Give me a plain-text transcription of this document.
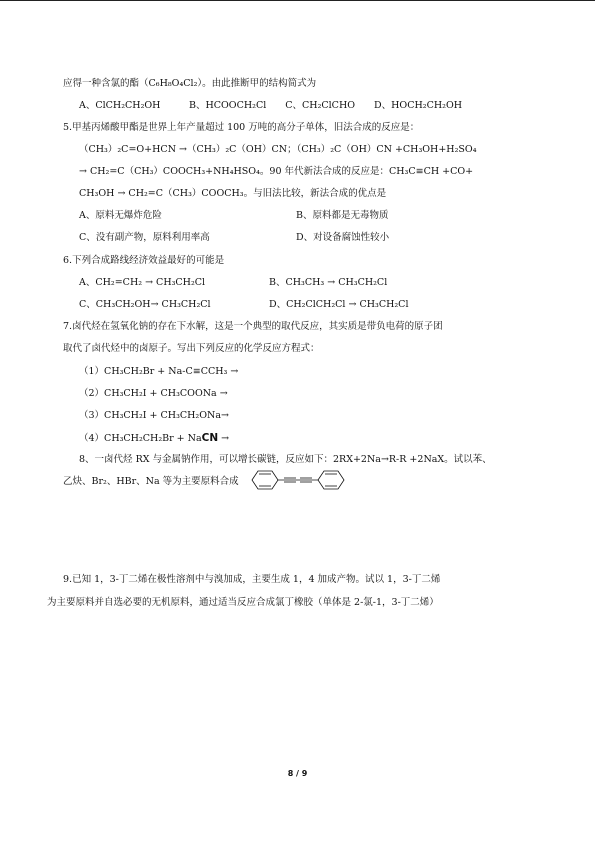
应得一种含氯的酯（C₆H₈O₄Cl₂）。由此推断甲的结构简式为
A、ClCH₂CH₂OH　　　B、HCOOCH₂Cl　　C、CH₂ClCHO　　D、HOCH₂CH₂OH
5.甲基丙烯酸甲酯是世界上年产量超过 100 万吨的高分子单体，旧法合成的反应是：
（CH₃）₂C=O+HCN →（CH₃）₂C（OH）CN；（CH₃）₂C（OH）CN +CH₃OH+H₂SO₄
→ CH₂=C（CH₃）COOCH₃+NH₄HSO₄。90 年代新法合成的反应是：CH₃C≡CH +CO+
CH₃OH → CH₂=C（CH₃）COOCH₃。与旧法比较，新法合成的优点是
A、原料无爆炸危险	B、原料都是无毒物质
C、没有副产物，原料利用率高	D、对设备腐蚀性较小
6.下列合成路线经济效益最好的可能是
A、CH₂=CH₂ → CH₃CH₂Cl	B、CH₃CH₃ → CH₃CH₂Cl
C、CH₃CH₂OH→ CH₃CH₂Cl	D、CH₂ClCH₂Cl → CH₃CH₂Cl
7.卤代烃在氢氧化钠的存在下水解，这是一个典型的取代反应，其实质是带负电荷的原子团
取代了卤代烃中的卤原子。写出下列反应的化学反应方程式：
（1）CH₃CH₂Br + Na-C≡CCH₃ →
（2）CH₃CH₂I + CH₃COONa →
（3）CH₃CH₂I + CH₃CH₂ONa→
（4）CH₃CH₂CH₂Br + NaCN →
8、一卤代烃 RX 与金属钠作用，可以增长碳链，反应如下：2RX+2Na→R-R +2NaX。试以苯、
乙炔、Br₂、HBr、Na 等为主要原料合成
9.已知 1，3-丁二烯在极性溶剂中与溴加成，主要生成 1，4 加成产物。试以 1，3-丁二烯
为主要原料并自选必要的无机原料，通过适当反应合成氯丁橡胶（单体是 2-氯-1，3-丁二烯）
8 / 9
